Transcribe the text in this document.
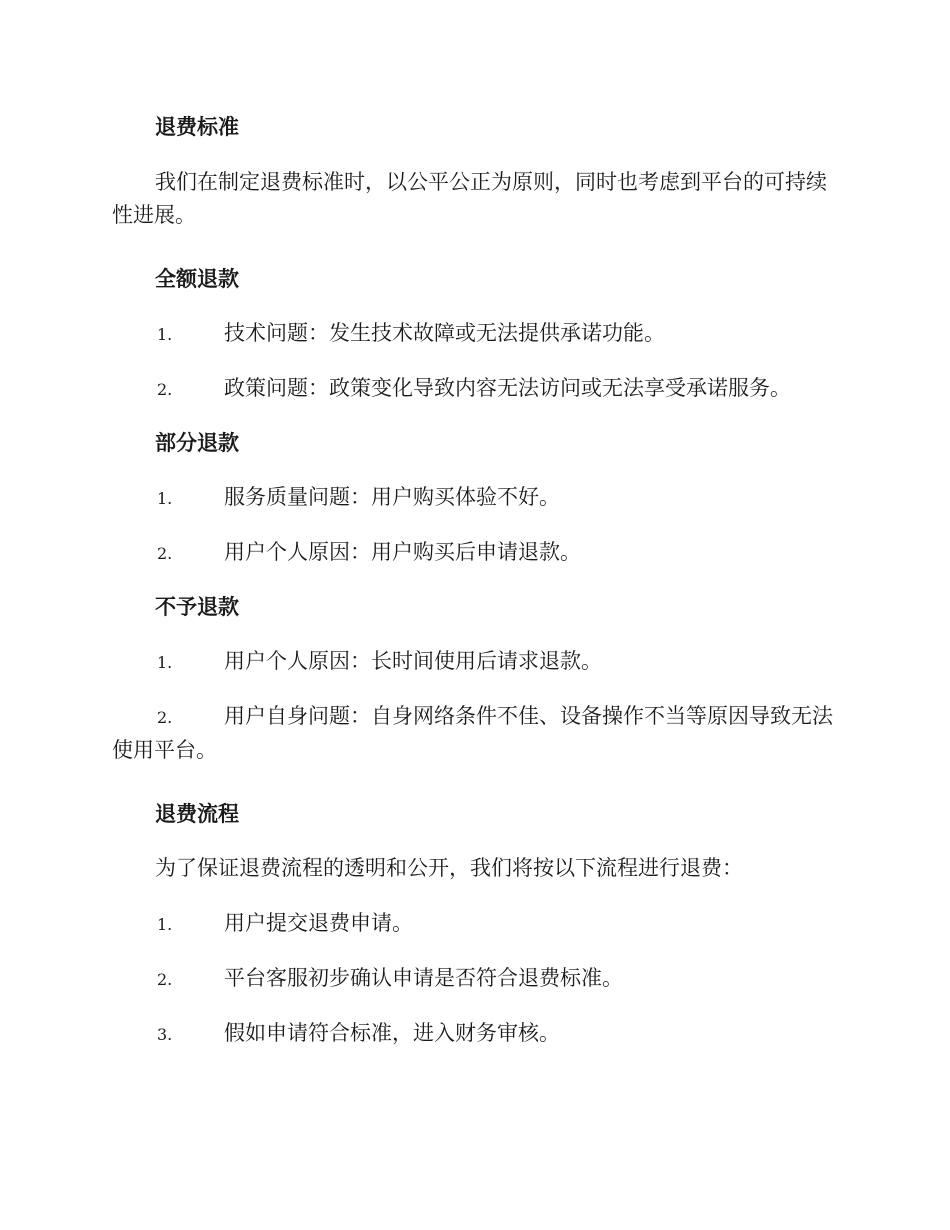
退费标准

我们在制定退费标准时，以公平公正为原则，同时也考虑到平台的可持续性进展。

全额退款

1. 技术问题：发生技术故障或无法提供承诺功能。

2. 政策问题：政策变化导致内容无法访问或无法享受承诺服务。

部分退款

1. 服务质量问题：用户购买体验不好。

2. 用户个人原因：用户购买后申请退款。

不予退款

1. 用户个人原因：长时间使用后请求退款。

2. 用户自身问题：自身网络条件不佳、设备操作不当等原因导致无法使用平台。

退费流程

为了保证退费流程的透明和公开，我们将按以下流程进行退费：

1. 用户提交退费申请。

2. 平台客服初步确认申请是否符合退费标准。

3. 假如申请符合标准，进入财务审核。
